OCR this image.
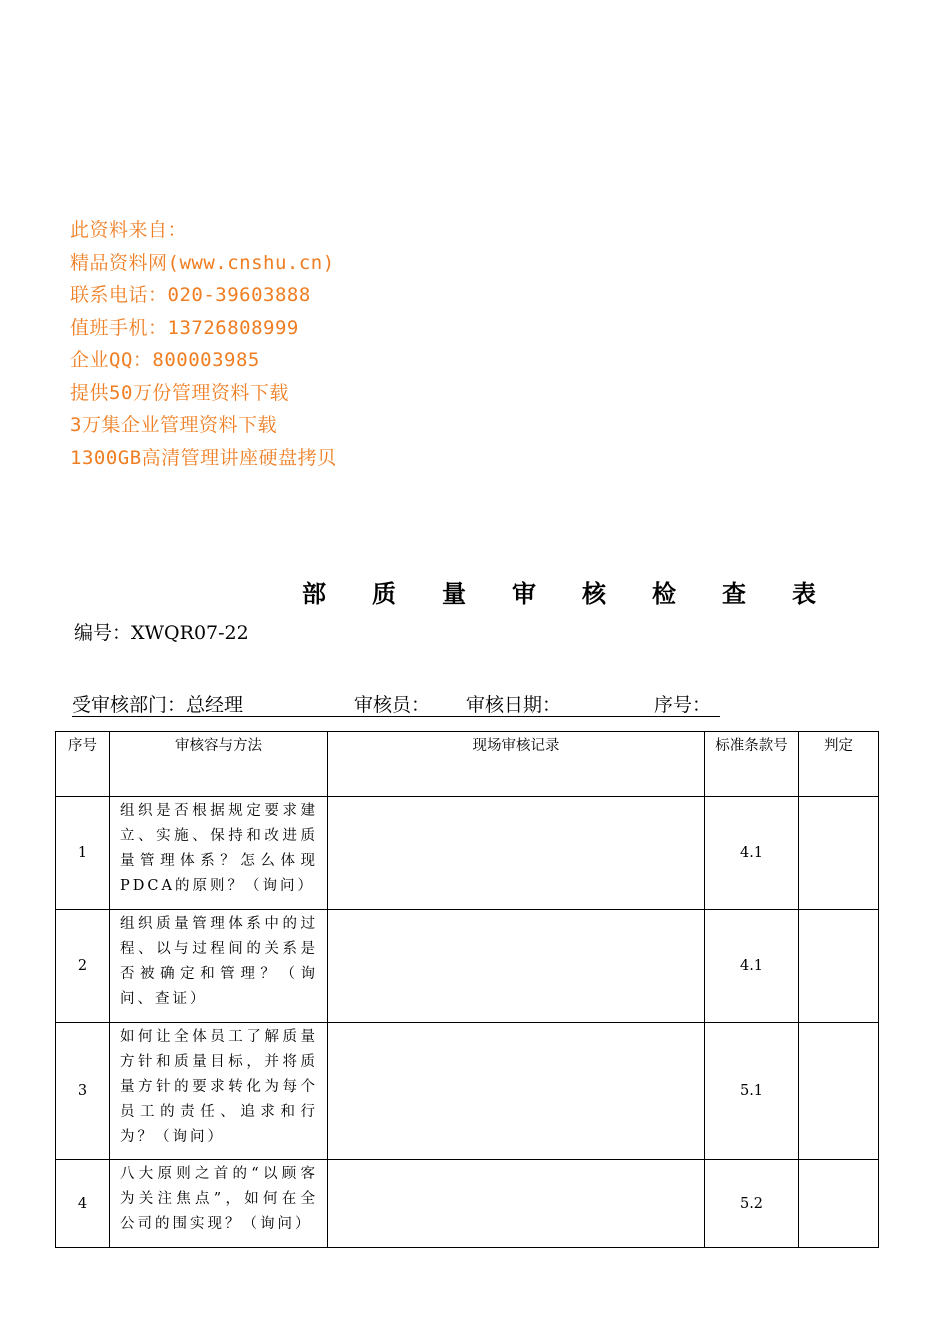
此资料来自：
精品资料网(www.cnshu.cn)
联系电话：020-39603888
值班手机：13726808999
企业QQ：800003985
提供50万份管理资料下载
3万集企业管理资料下载
1300GB高清管理讲座硬盘拷贝
部 质 量 审 核 检 查 表
编号：XWQR07-22
受审核部门：总经理	审核员： 审核日期：	序号：
序号	审核容与方法	现场审核记录	标准条款号	判定
1	组织是否根据规定要求建立、实施、保持和改进质量管理体系？怎么体现PDCA的原则？（询问）		4.1	
2	组织质量管理体系中的过程、以与过程间的关系是否被确定和管理？（询问、查证）		4.1	
3	如何让全体员工了解质量方针和质量目标，并将质量方针的要求转化为每个员工的责任、追求和行为？（询问）		5.1	
4	八大原则之首的“以顾客为关注焦点”，如何在全公司的围实现？（询问）		5.2	
